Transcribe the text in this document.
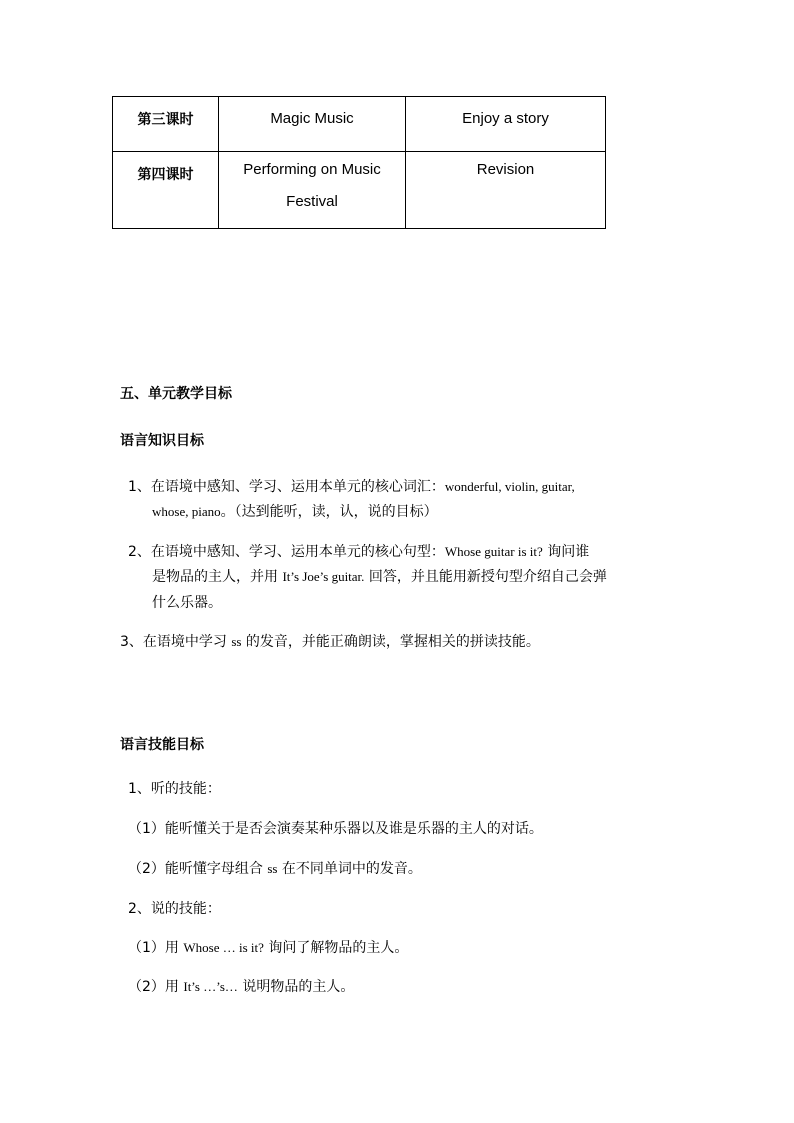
第三课时	Magic Music	Enjoy a story

第四课时	Performing on Music Festival	Revision
五、单元教学目标
语言知识目标
1、在语境中感知、学习、运用本单元的核心词汇：wonderful, violin, guitar,
whose, piano。（达到能听，读，认，说的目标）
2、在语境中感知、学习、运用本单元的核心句型：Whose guitar is it? 询问谁
是物品的主人，并用 It’s Joe’s guitar. 回答，并且能用新授句型介绍自己会弹
什么乐器。
3、在语境中学习 ss 的发音，并能正确朗读，掌握相关的拼读技能。
语言技能目标
1、听的技能：
（1）能听懂关于是否会演奏某种乐器以及谁是乐器的主人的对话。
（2）能听懂字母组合 ss 在不同单词中的发音。
2、说的技能：
（1）用 Whose … is it? 询问了解物品的主人。
（2）用 It’s …’s… 说明物品的主人。
